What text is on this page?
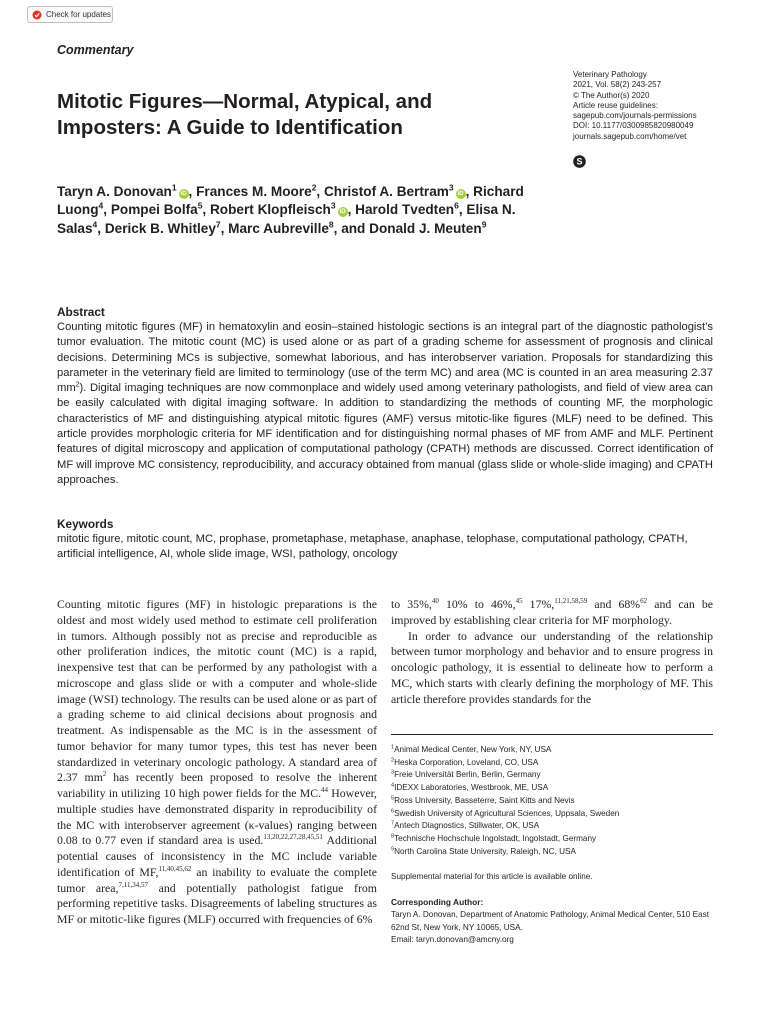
Check for updates
Commentary
Mitotic Figures—Normal, Atypical, and Imposters: A Guide to Identification
Veterinary Pathology
2021, Vol. 58(2) 243-257
© The Author(s) 2020
Article reuse guidelines:
sagepub.com/journals-permissions
DOI: 10.1177/0300985820980049
journals.sagepub.com/home/vet
S
Taryn A. Donovan$^1$iD , Frances M. Moore$^2$, Christof A. Bertram$^3$iD , Richard Luong$^4$, Pompei Bolfa$^5$, Robert Klopfleisch$^3$iD , Harold Tvedten$^6$, Elisa N. Salas$^4$, Derick B. Whitley$^7$, Marc Aubreville$^8$, and Donald J. Meuten$^9$
Abstract

Counting mitotic figures (MF) in hematoxylin and eosin–stained histologic sections is an integral part of the diagnostic pathologist’s tumor evaluation. The mitotic count (MC) is used alone or as part of a grading scheme for assessment of prognosis and clinical decisions. Determining MCs is subjective, somewhat laborious, and has interobserver variation. Proposals for standardizing this parameter in the veterinary field are limited to terminology (use of the term MC) and area (MC is counted in an area measuring 2.37 $mm^2$). Digital imaging techniques are now commonplace and widely used among veterinary pathologists, and field of view area can be easily calculated with digital imaging software. In addition to standardizing the methods of counting MF, the morphologic characteristics of MF and distinguishing atypical mitotic figures (AMF) versus mitotic-like figures (MLF) need to be defined. This article provides morphologic criteria for MF identification and for distinguishing normal phases of MF from AMF and MLF. Pertinent features of digital microscopy and application of computational pathology (CPATH) methods are discussed. Correct identification of MF will improve MC consistency, reproducibility, and accuracy obtained from manual (glass slide or whole-slide imaging) and CPATH approaches.

Keywords

mitotic figure, mitotic count, MC, prophase, prometaphase, metaphase, anaphase, telophase, computational pathology, CPATH, artificial intelligence, AI, whole slide image, WSI, pathology, oncology

Counting mitotic figures (MF) in histologic preparations is the oldest and most widely used method to estimate cell proliferation in tumors. Although possibly not as precise and reproducible as other proliferation indices, the mitotic count (MC) is a rapid, inexpensive test that can be performed by any pathologist with a microscope and glass slide or with a computer and whole-slide image (WSI) technology. The results can be used alone or as part of a grading scheme to aid clinical decisions about prognosis and treatment. As indispensable as the MC is in the assessment of tumor behavior for many tumor types, this test has never been standardized in veterinary oncologic pathology. A standard area of 2.37 $mm^2$ has recently been proposed to resolve the inherent variability in utilizing 10 high power fields for the MC.$^{44}$ However, multiple studies have demonstrated disparity in reproducibility of the MC with interobserver agreement (κ-values) ranging between 0.08 to 0.77 even if standard area is used.$^{13,20,22,27,28,45,51}$ Additional potential causes of inconsistency in the MC include variable identification of MF,$^{11,40,45,62}$ an inability to evaluate the complete tumor area,$^{7,11,34,57}$ and potentially pathologist fatigue from performing repetitive tasks. Disagreements of labeling structures as MF or mitotic-like figures (MLF) occurred with frequencies of 6%

to 35%,$^{40}$ 10% to 46%,$^{45}$ 17%,$^{11,21,58,59}$ and 68%$^{62}$ and can be improved by establishing clear criteria for MF morphology.
In order to advance our understanding of the relationship between tumor morphology and behavior and to ensure progress in oncologic pathology, it is essential to delineate how to perform a MC, which starts with clearly defining the morphology of MF. This article therefore provides standards for the
$^1$Animal Medical Center, New York, NY, USA
$^2$Heska Corporation, Loveland, CO, USA
$^3$Freie Universität Berlin, Berlin, Germany
$^4$IDEXX Laboratories, Westbrook, ME, USA
$^5$Ross University, Basseterre, Saint Kitts and Nevis
$^6$Swedish University of Agricultural Sciences, Uppsala, Sweden
$^7$Antech Diagnostics, Stillwater, OK, USA
$^8$Technische Hochschule Ingolstadt, Ingolstadt, Germany
$^9$North Carolina State University, Raleigh, NC, USA
Supplemental material for this article is available online.
Corresponding Author:

Taryn A. Donovan, Department of Anatomic Pathology, Animal Medical Center, 510 East 62nd St, New York, NY 10065, USA.
Email: taryn.donovan@amcny.org
